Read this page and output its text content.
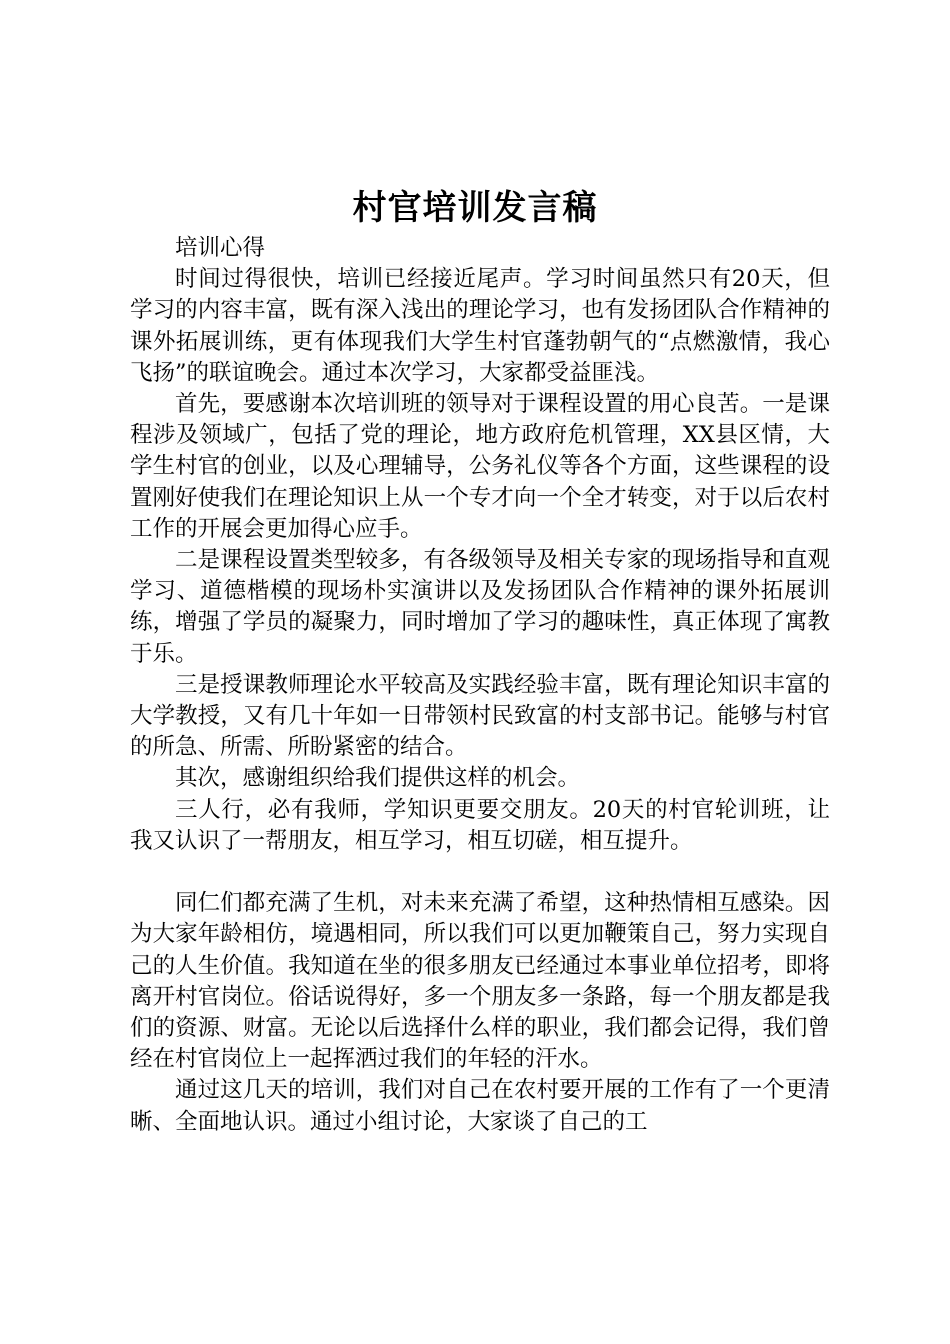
村官培训发言稿

培训心得

时间过得很快，培训已经接近尾声。学习时间虽然只有20天，但学习的内容丰富，既有深入浅出的理论学习，也有发扬团队合作精神的课外拓展训练，更有体现我们大学生村官蓬勃朝气的“点燃激情，我心飞扬”的联谊晚会。通过本次学习，大家都受益匪浅。

首先，要感谢本次培训班的领导对于课程设置的用心良苦。一是课程涉及领域广，包括了党的理论，地方政府危机管理，XX县区情，大学生村官的创业，以及心理辅导，公务礼仪等各个方面，这些课程的设置刚好使我们在理论知识上从一个专才向一个全才转变，对于以后农村工作的开展会更加得心应手。

二是课程设置类型较多，有各级领导及相关专家的现场指导和直观学习、道德楷模的现场朴实演讲以及发扬团队合作精神的课外拓展训练，增强了学员的凝聚力，同时增加了学习的趣味性，真正体现了寓教于乐。

三是授课教师理论水平较高及实践经验丰富，既有理论知识丰富的大学教授，又有几十年如一日带领村民致富的村支部书记。能够与村官的所急、所需、所盼紧密的结合。

其次，感谢组织给我们提供这样的机会。

三人行，必有我师，学知识更要交朋友。20天的村官轮训班，让我又认识了一帮朋友，相互学习，相互切磋，相互提升。

同仁们都充满了生机，对未来充满了希望，这种热情相互感染。因为大家年龄相仿，境遇相同，所以我们可以更加鞭策自己，努力实现自己的人生价值。我知道在坐的很多朋友已经通过本事业单位招考，即将离开村官岗位。俗话说得好，多一个朋友多一条路，每一个朋友都是我们的资源、财富。无论以后选择什么样的职业，我们都会记得，我们曾经在村官岗位上一起挥洒过我们的年轻的汗水。

通过这几天的培训，我们对自己在农村要开展的工作有了一个更清晰、全面地认识。通过小组讨论，大家谈了自己的工
